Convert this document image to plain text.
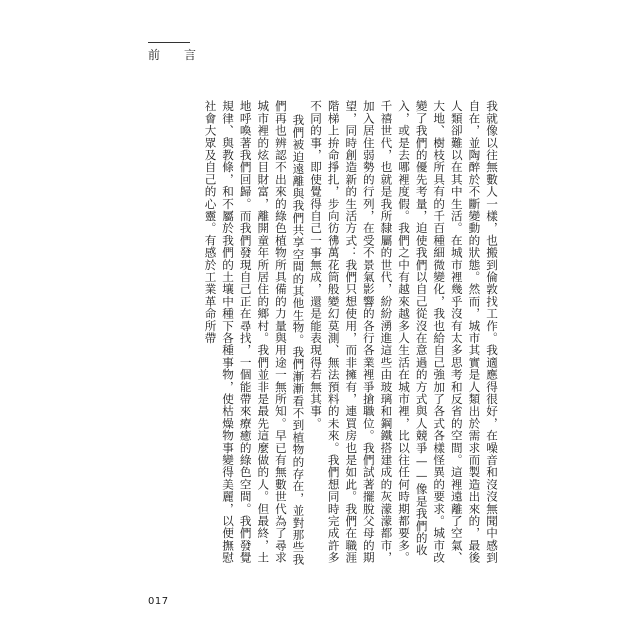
前　言

我就像以往無數人一樣，也搬到倫敦找工作。我適應得很好，在噪音和沒沒無聞中感到自在，並陶醉於不斷變動的狀態。然而，城市其實是人類出於需求而製造出來的，最後人類卻難以在其中生活。在城市裡幾乎沒有太多思考和反省的空間。這裡遠離了空氣、大地、樹枝所具有的千百種細微變化，我也給自己強加了各式各樣怪異的要求。城市改變了我們的優先考量，迫使我們以自己從沒在意過的方式與人競爭——像是我們的收入，或是去哪裡度假。我們之中有越來越多人生活在城市裡，比以往任何時期都要多。千禧世代，也就是我所隸屬的世代，紛紛湧進這些由玻璃和鋼鐵搭建成的灰濛濛都市，加入居住弱勢的行列，在受不景氣影響的各行各業裡爭搶職位。我們試著擺脫父母的期望，同時創造新的生活方式：我們只想使用，而非擁有，連買房也是如此。我們在職涯階梯上拚命掙扎，步向彷彿萬花筒般變幻莫測、無法預料的未來。我們想同時完成許多不同的事，即使覺得自己一事無成，還是能表現得若無其事。

我們被迫遠離與我們共享空間的其他生物。我們漸漸看不到植物的存在，並對那些我們再也辨認不出來的綠色植物所具備的力量與用途一無所知。早已有無數世代為了尋求城市裡的炫目財富，離開童年所居住的鄉村。我們並非是最先這麼做的人。但最終，土地呼喚著我們回歸。而我們發現自己正在尋找，一個能帶來療癒的綠色空間。我們發覺規律、與教條，和不屬於我們的土壤中種下各種事物，使枯燥物事變得美麗，以便撫慰社會大眾及自己的心靈。有感於工業革命所帶

017
